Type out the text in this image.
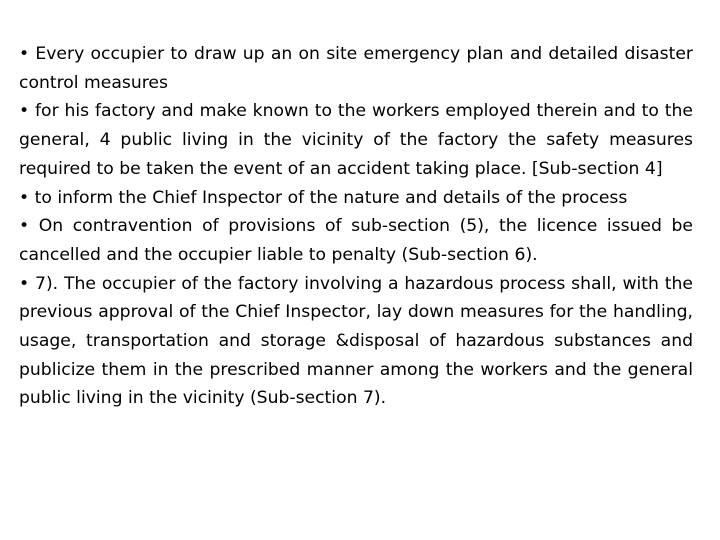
• Every occupier to draw up an on site emergency plan and detailed disaster control measures

• for his factory and make known to the workers employed therein and to the general, 4 public living in the vicinity of the factory the safety measures required to be taken the event of an accident taking place. [Sub-section 4]

• to inform the Chief Inspector of the nature and details of the process

• On contravention of provisions of sub-section (5), the licence issued be cancelled and the occupier liable to penalty (Sub-section 6).

• 7). The occupier of the factory involving a hazardous process shall, with the previous approval of the Chief Inspector, lay down measures for the handling, usage, transportation and storage &disposal of hazardous substances and publicize them in the prescribed manner among the workers and the general public living in the vicinity (Sub-section 7).
